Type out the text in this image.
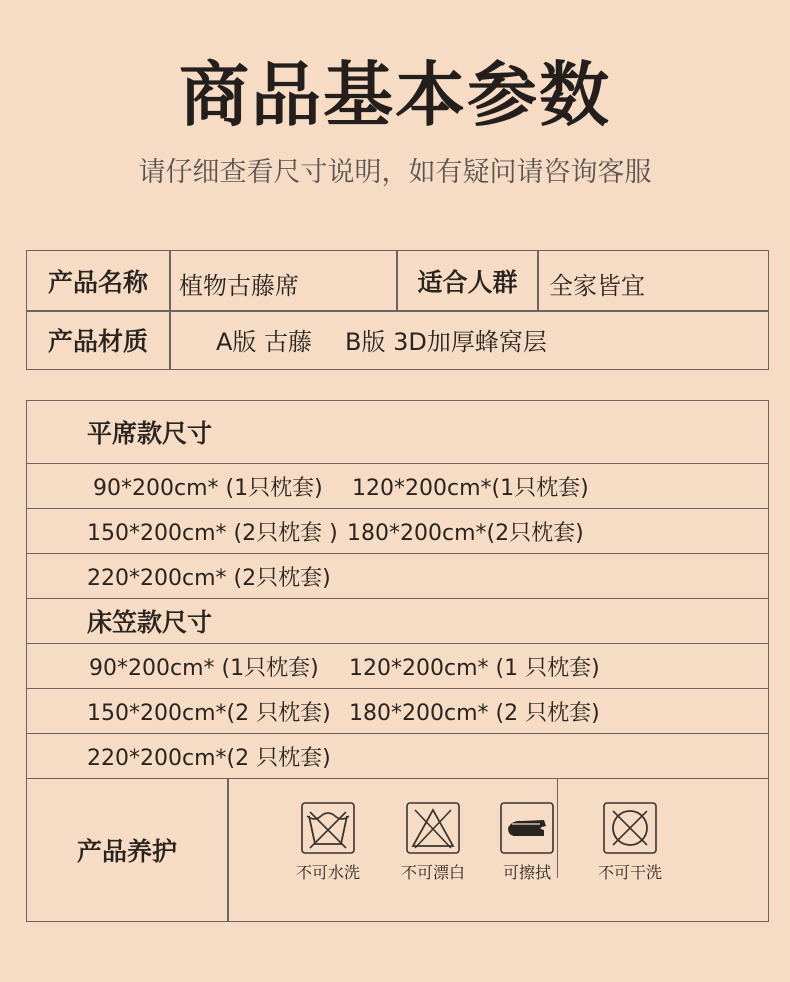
商品基本参数
请仔细查看尺寸说明，如有疑问请咨询客服
产品名称	植物古藤席	适合人群	全家皆宜
产品材质	A版 古藤 B版 3D加厚蜂窝层
平席款尺寸
90*200cm* (1只枕套) 120*200cm*(1只枕套)
150*200cm* (2只枕套 ) 180*200cm*(2只枕套)
220*200cm* (2只枕套)
床笠款尺寸
90*200cm* (1只枕套) 120*200cm* (1 只枕套)
150*200cm*(2 只枕套) 180*200cm* (2 只枕套)
220*200cm*(2 只枕套)
产品养护
不可水洗	不可漂白	可擦拭	不可干洗
